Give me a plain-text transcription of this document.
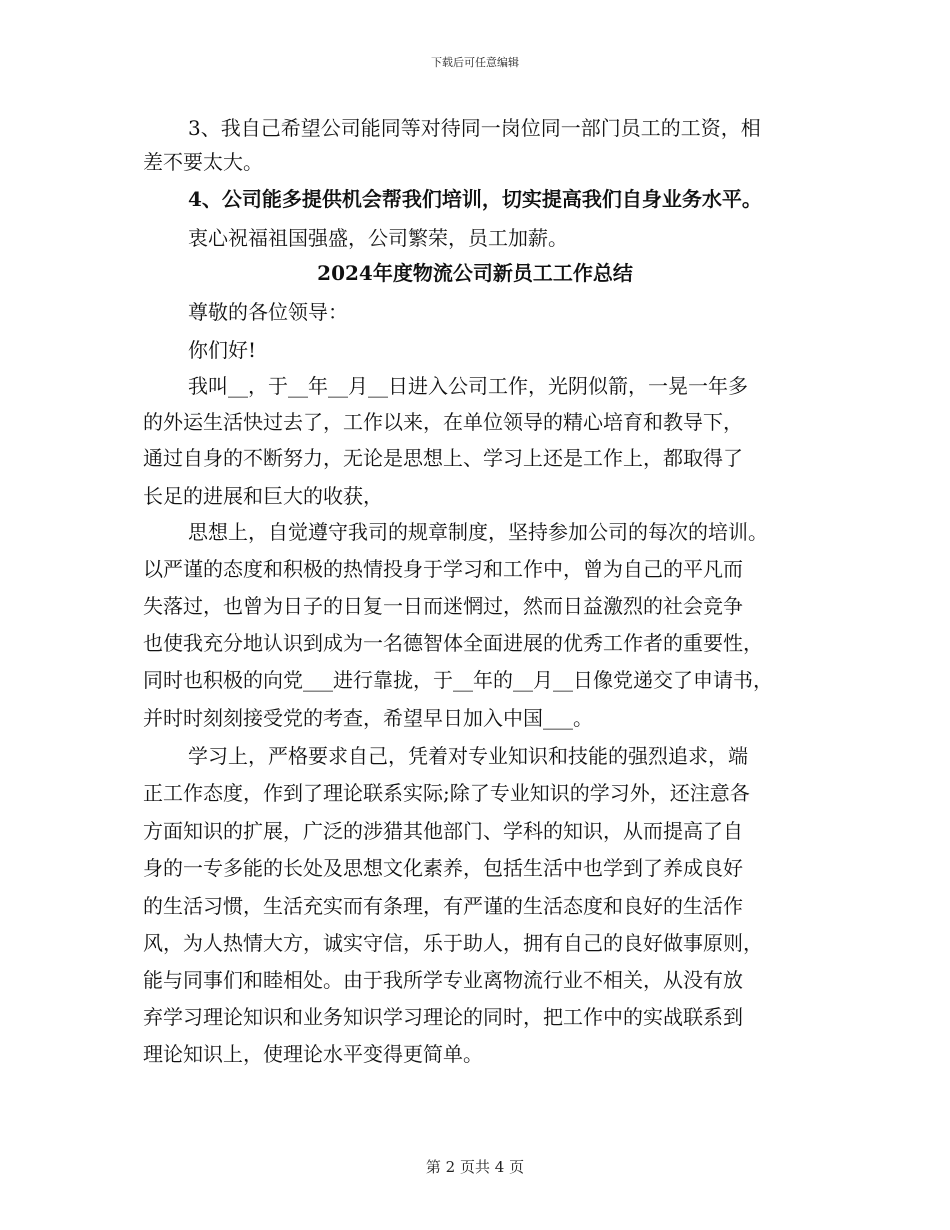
下载后可任意编辑
3、我自己希望公司能同等对待同一岗位同一部门员工的工资，相
差不要太大。
4、公司能多提供机会帮我们培训，切实提高我们自身业务水平。
衷心祝福祖国强盛，公司繁荣，员工加薪。
2024年度物流公司新员工工作总结
尊敬的各位领导：
你们好!
我叫__，于__年__月__日进入公司工作，光阴似箭，一晃一年多
的外运生活快过去了，工作以来，在单位领导的精心培育和教导下，
通过自身的不断努力，无论是思想上、学习上还是工作上，都取得了
长足的进展和巨大的收获，
思想上，自觉遵守我司的规章制度，坚持参加公司的每次的培训。
以严谨的态度和积极的热情投身于学习和工作中，曾为自己的平凡而
失落过，也曾为日子的日复一日而迷惘过，然而日益激烈的社会竞争
也使我充分地认识到成为一名德智体全面进展的优秀工作者的重要性，
同时也积极的向党___进行靠拢，于__年的__月__日像党递交了申请书，
并时时刻刻接受党的考查，希望早日加入中国___。
学习上，严格要求自己，凭着对专业知识和技能的强烈追求，端
正工作态度，作到了理论联系实际;除了专业知识的学习外，还注意各
方面知识的扩展，广泛的涉猎其他部门、学科的知识，从而提高了自
身的一专多能的长处及思想文化素养，包括生活中也学到了养成良好
的生活习惯，生活充实而有条理，有严谨的生活态度和良好的生活作
风，为人热情大方，诚实守信，乐于助人，拥有自己的良好做事原则，
能与同事们和睦相处。由于我所学专业离物流行业不相关，从没有放
弃学习理论知识和业务知识学习理论的同时，把工作中的实战联系到
理论知识上，使理论水平变得更简单。
第 2 页共 4 页
